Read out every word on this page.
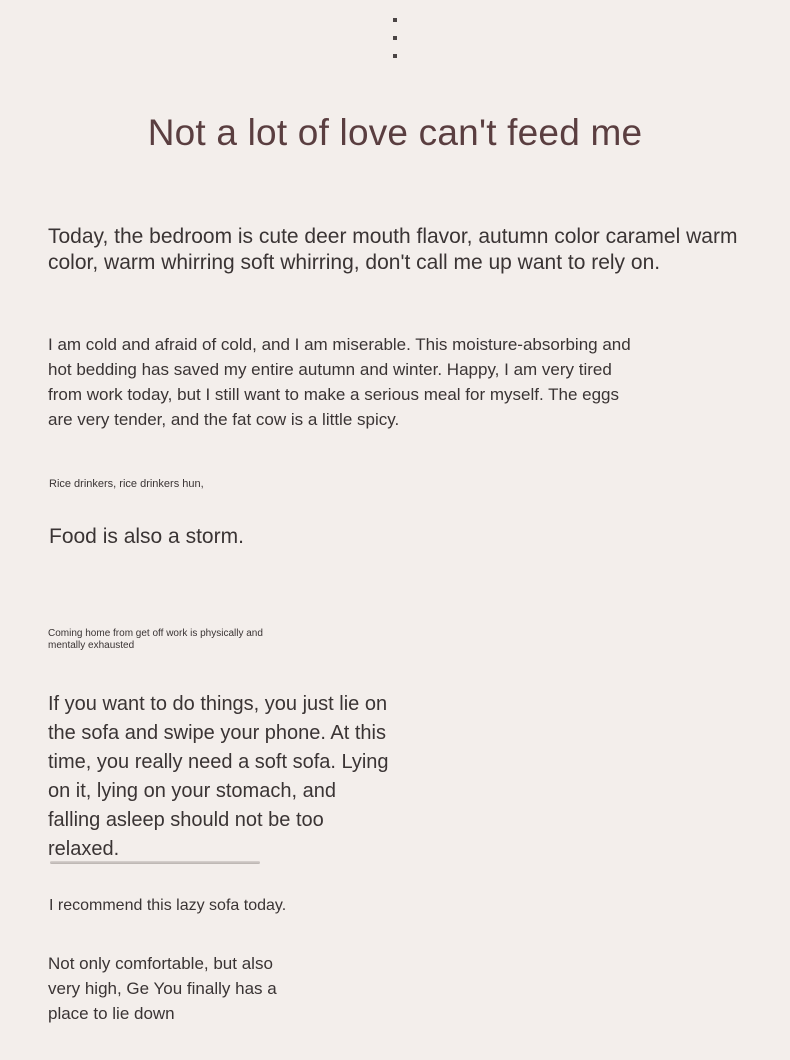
Not a lot of love can't feed me

Today, the bedroom is cute deer mouth flavor, autumn color caramel warm color, warm whirring soft whirring, don't call me up want to rely on.

I am cold and afraid of cold, and I am miserable. This moisture-absorbing and hot bedding has saved my entire autumn and winter. Happy, I am very tired from work today, but I still want to make a serious meal for myself. The eggs are very tender, and the fat cow is a little spicy.

Rice drinkers, rice drinkers hun,

Food is also a storm.

Coming home from get off work is physically and mentally exhausted

If you want to do things, you just lie on the sofa and swipe your phone. At this time, you really need a soft sofa. Lying on it, lying on your stomach, and falling asleep should not be too relaxed.

I recommend this lazy sofa today.

Not only comfortable, but also very high, Ge You finally has a place to lie down
